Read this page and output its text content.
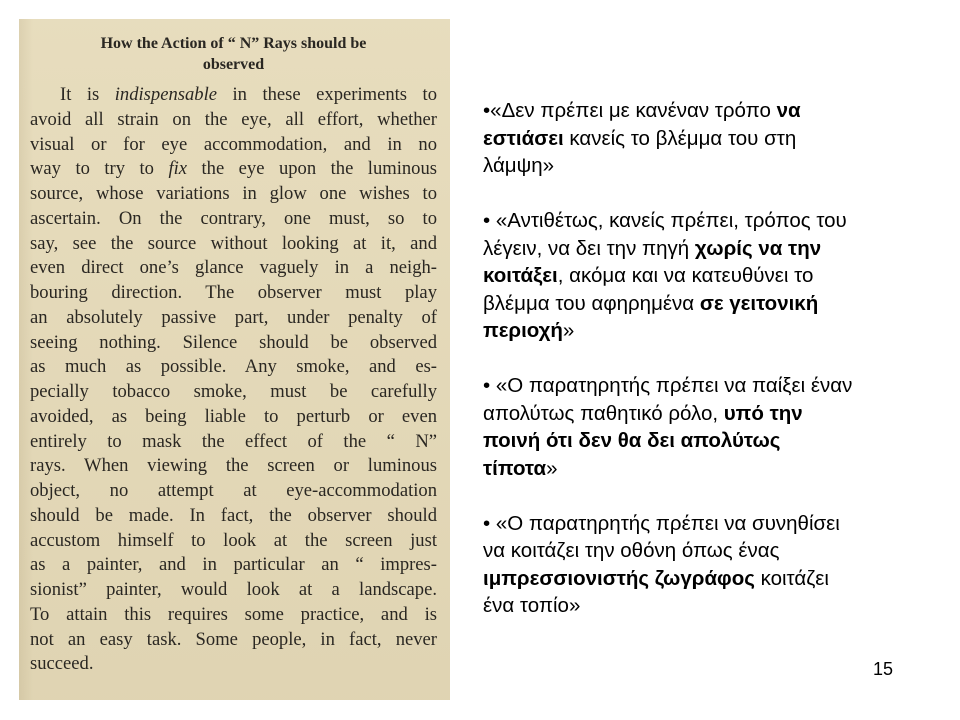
How the Action of “ N” Rays should be
observed
It is indispensable in these experiments to
avoid all strain on the eye, all effort, whether
visual or for eye accommodation, and in no
way to try to fix the eye upon the luminous
source, whose variations in glow one wishes to
ascertain. On the contrary, one must, so to
say, see the source without looking at it, and
even direct one’s glance vaguely in a neigh-
bouring direction. The observer must play
an absolutely passive part, under penalty of
seeing nothing. Silence should be observed
as much as possible. Any smoke, and es-
pecially tobacco smoke, must be carefully
avoided, as being liable to perturb or even
entirely to mask the effect of the “ N”
rays. When viewing the screen or luminous
object, no attempt at eye-accommodation
should be made. In fact, the observer should
accustom himself to look at the screen just
as a painter, and in particular an “ impres-
sionist” painter, would look at a landscape.
To attain this requires some practice, and is
not an easy task. Some people, in fact, never
succeed.
•«Δεν πρέπει με κανέναν τρόπο να
εστιάσει κανείς το βλέμμα του στη
λάμψη»
• «Αντιθέτως, κανείς πρέπει, τρόπος του
λέγειν, να δει την πηγή χωρίς να την
κοιτάξει, ακόμα και να κατευθύνει το
βλέμμα του αφηρημένα σε γειτονική
περιοχή»
• «Ο παρατηρητής πρέπει να παίξει έναν
απολύτως παθητικό ρόλο, υπό την
ποινή ότι δεν θα δει απολύτως
τίποτα»
• «Ο παρατηρητής πρέπει να συνηθίσει
να κοιτάζει την οθόνη όπως ένας
ιμπρεσσιονιστής ζωγράφος κοιτάζει
ένα τοπίο»
15
